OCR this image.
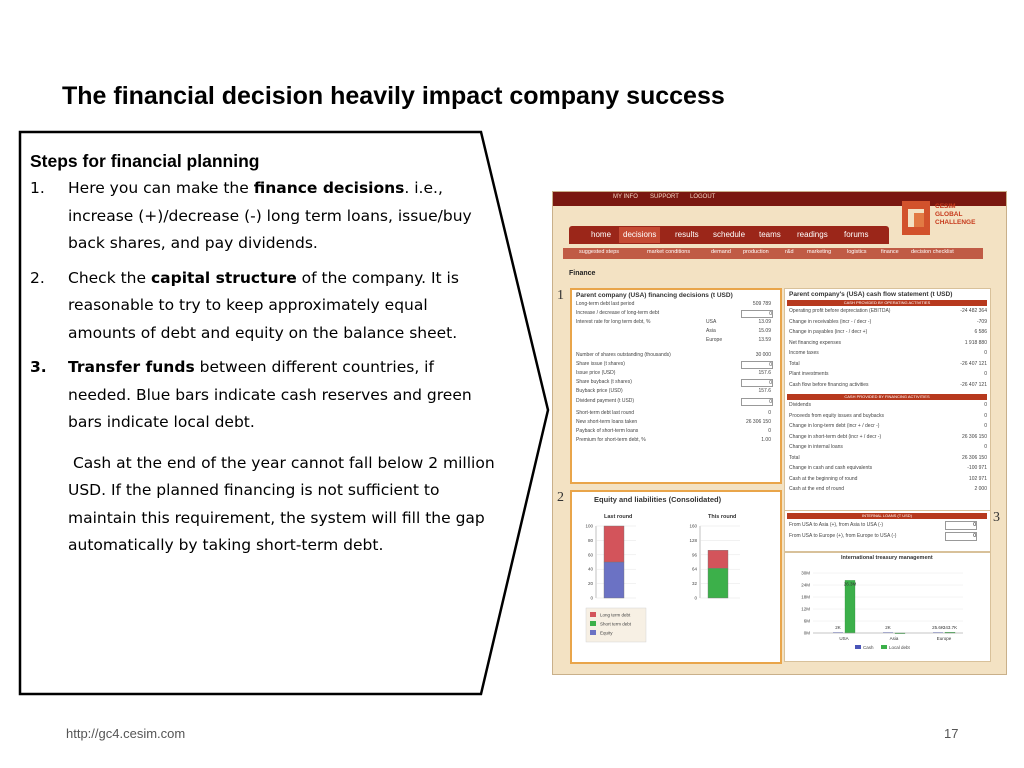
The financial decision heavily impact company success
Steps for financial planning
1. Here you can make the finance decisions. i.e., increase (+)/decrease (-) long term loans, issue/buy back shares, and pay dividends.
2. Check the capital structure of the company. It is reasonable to try to keep approximately equal amounts of debt and equity on the balance sheet.
3. Transfer funds between different countries, if needed. Blue bars indicate cash reserves and green bars indicate local debt.
Cash at the end of the year cannot fall below 2 million USD. If the planned financing is not sufficient to maintain this requirement, the system will fill the gap automatically by taking short-term debt.
MY INFO SUPPORT LOGOUT
CESIM
GLOBAL
CHALLENGE
home	decisions	results schedule teams readings forums
suggested steps	market conditions	demand production	r&d marketing	logistics	finance decision checklist
Finance
1
2
3
Parent company (USA) financing decisions (t USD)
Long-term debt last period	509 789
Increase / decrease of long-term debt	0
Interest rate for long term debt, %	USA	13.09
Asia	15.09
Europe	13.59
Number of shares outstanding (thousands)	30 000
Share issue (t shares)	0
Issue price (USD)	157.6
Share buyback (t shares)	0
Buyback price (USD)	157.6
Dividend payment (t USD)	0
Short-term debt last round	0
New short-term loans taken	26 306 150
Payback of short-term loans	0
Premium for short-term debt, %	1.00
Parent company's (USA) cash flow statement (t USD)
CASH PROVIDED BY OPERATING ACTIVITIES
Operating profit before depreciation (EBITDA)	-24 482 364
Change in receivables (incr - / decr -)	-709
Change in payables (incr - / decr +)	6 586
Net financing expenses	1 918 880
Income taxes	0
Total	-26 407 121
Plant investments	0
Cash flow before financing activities	-26 407 121
CASH PROVIDED BY FINANCING ACTIVITIES
Dividends	0
Proceeds from equity issues and buybacks	0
Change in long-term debt (incr + / decr -)	0
Change in short-term debt (incr + / decr -)	26 306 150
Change in internal loans	0
Total	26 306 150
Change in cash and cash equivalents	-100 971
Cash at the beginning of round	102 971
Cash at the end of round	2 000
Equity and liabilities (Consolidated)
Last round	This round
100
80
60
40
20
0
160
128
96
64
32
0
Long term debt
Short term debt
Equity
INTERNAL LOANS (T USD)
From USA to Asia (+), from Asia to USA (-)	0
From USA to Europe (+), from Europe to USA (-)	0
International treasury management
30M
24M
18M
12M
6M
0M
2K
26.3M
USA
2K
Asia
25.6K
343.7K
Europe
Cash	Local debt
http://gc4.cesim.com	17
